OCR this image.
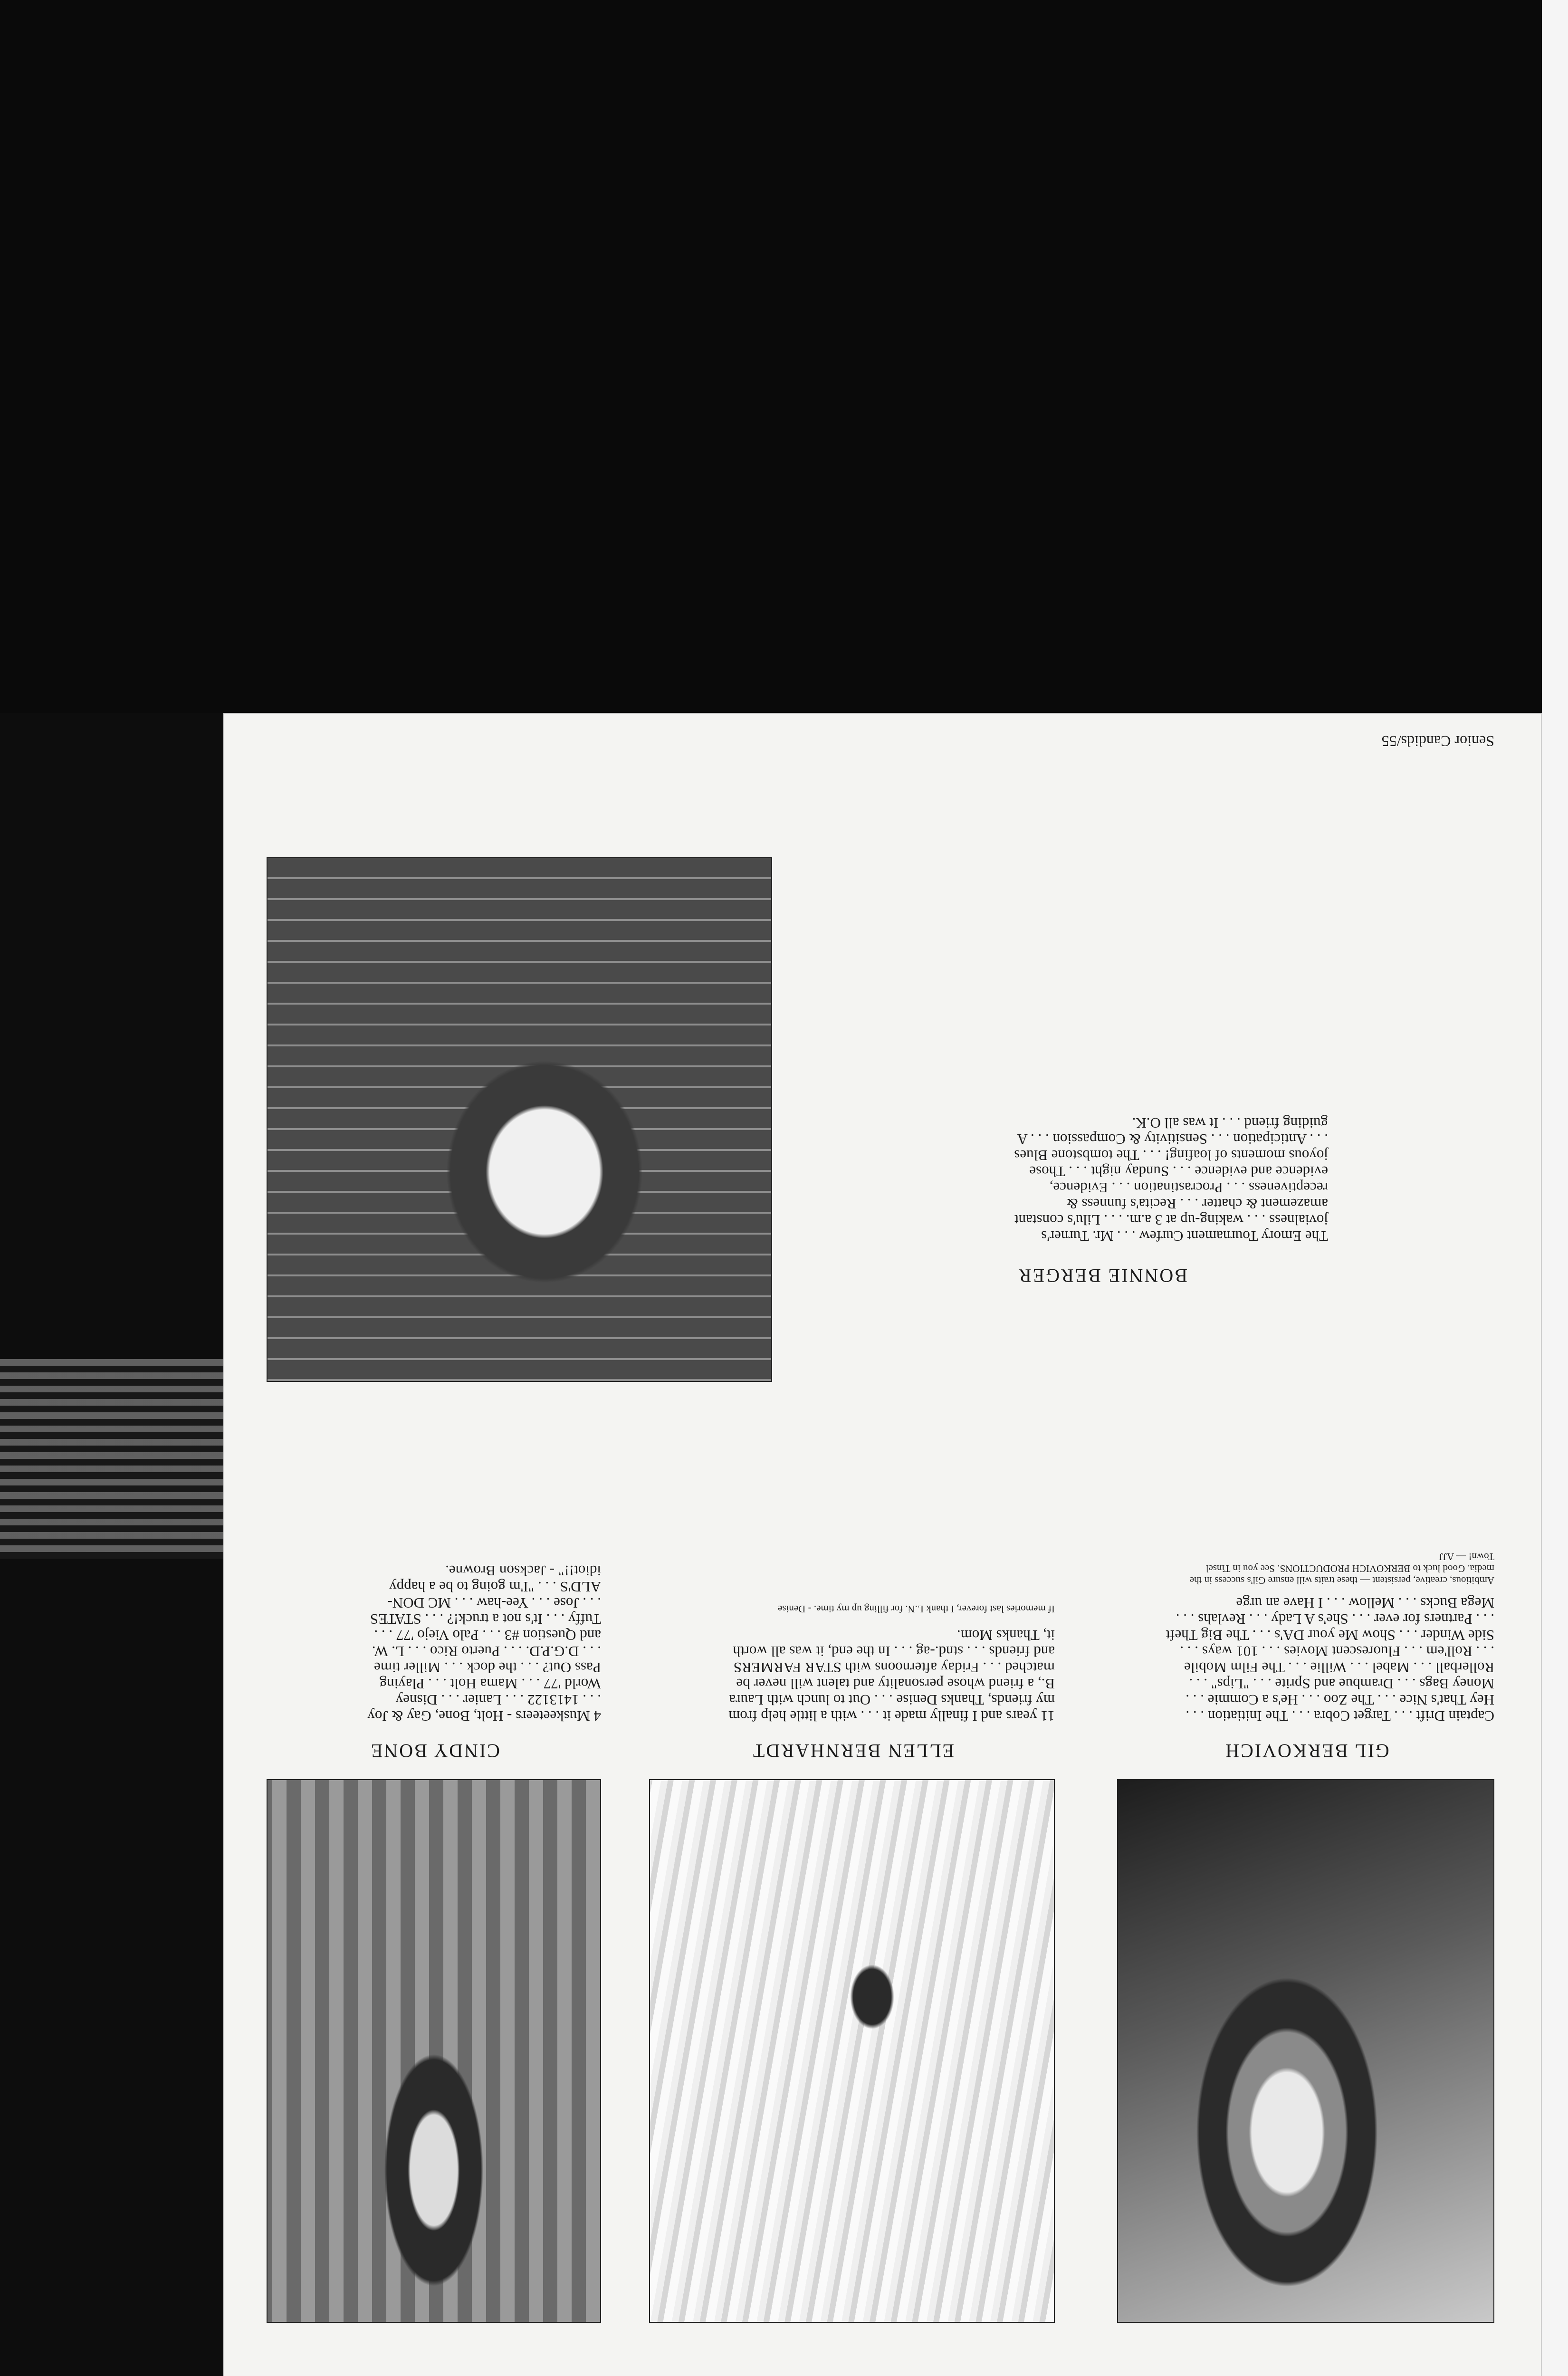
GIL BERKOVICH
Captain Drift . . . Target Cobra . . . The Initiation . . .
Hey That's Nice . . . The Zoo . . . He's a Commie . . .
Money Bags . . . Drambue and Sprite . . . "Lips" . . .
Rollerball . . . Mabel . . . Willie . . . The Film Mobile
. . . Roll'em . . . Fluorescent Movies . . . 101 ways . . .
Side Winder . . . Show Me your DA's . . . The Big Theft
. . . Partners for ever . . . She's A Lady . . . Revlahs . . .
Mega Bucks . . . Mellow . . . I Have an urge
Ambitious, creative, persistent — these traits will ensure Gil's success in the
media. Good luck to BERKOVICH PRODUCTIONS. See you in Tinsel
Town! — AJJ
ELLEN BERNHARDT
11 years and I finally made it . . . with a little help from
my friends, Thanks Denise . . . Out to lunch with Laura
B., a friend whose personality and talent will never be
matched . . . Friday afternoons with STAR FARMERS
and friends . . . stnd.-ag . . . In the end, it was all worth
it, Thanks Mom.
If memories last forever, I thank L.N. for filling up my time. - Denise
CINDY BONE
4 Muskeeteers - Holt, Bone, Gay & Joy
. . . 1413122 . . . Lanier . . . Disney
World '77 . . . Mama Holt . . . Playing
Pass Out? . . . the dock . . . Miller time
. . . D.G.P.D. . . . Puerto Rico . . . L. W.
and Question #3 . . . Palo Viejo '77 . . .
Tuffy . . . It's not a truck!? . . . STATES
. . . Jose . . . Yee-haw . . . MC DON-
ALD'S . . . "I'm going to be a happy
idiot!!" - Jackson Browne.
Senior Candids/55
BONNIE BERGER
The Emory Tournament Curfew . . . Mr. Turner's
jovialness . . . waking-up at 3 a.m. . . . Lilu's constant
amazement & chatter . . . Recita's funness &
receptiveness . . . Procrastination . . . Evidence,
evidence and evidence . . . Sunday night . . . Those
joyous moments of loafing! . . . The tombstone Blues
. . . Anticipation . . . Sensitivity & Compassion . . . A
guiding friend . . . It was all O.K.
